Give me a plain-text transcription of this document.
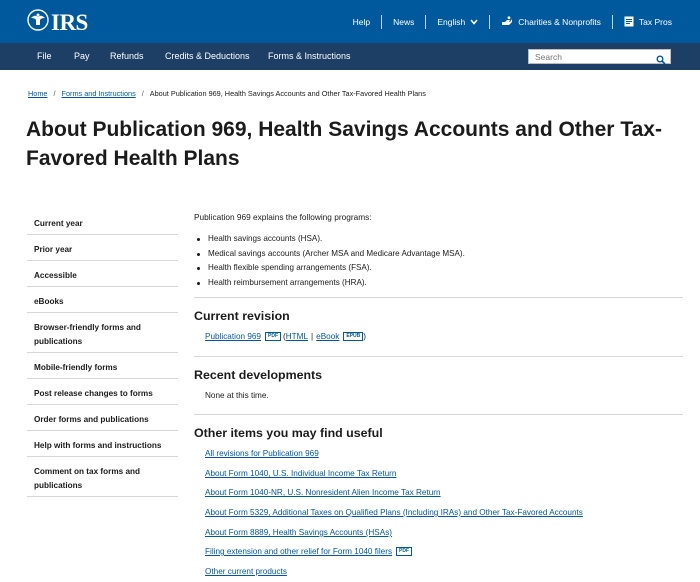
IRS	Help	News	English	Charities & Nonprofits	Tax Pros
File Pay Refunds Credits & Deductions Forms & Instructions	Search
Home / Forms and Instructions / About Publication 969, Health Savings Accounts and Other Tax-Favored Health Plans
About Publication 969, Health Savings Accounts and Other Tax-Favored Health Plans
Current year
Prior year
Accessible
eBooks
Browser-friendly forms and publications
Mobile-friendly forms
Post release changes to forms
Order forms and publications
Help with forms and instructions
Comment on tax forms and publications
Publication 969 explains the following programs:
Health savings accounts (HSA).
Medical savings accounts (Archer MSA and Medicare Advantage MSA).
Health flexible spending arrangements (FSA).
Health reimbursement arrangements (HRA).
Current revision
Publication 969	PDF ( HTML | eBook	EPUB )
Recent developments
None at this time.
Other items you may find useful
All revisions for Publication 969
About Form 1040, U.S. Individual Income Tax Return
About Form 1040-NR, U.S. Nonresident Alien Income Tax Return
About Form 5329, Additional Taxes on Qualified Plans (Including IRAs) and Other Tax-Favored Accounts
About Form 8889, Health Savings Accounts (HSAs)
Filing extension and other relief for Form 1040 filers	PDF
Other current products
